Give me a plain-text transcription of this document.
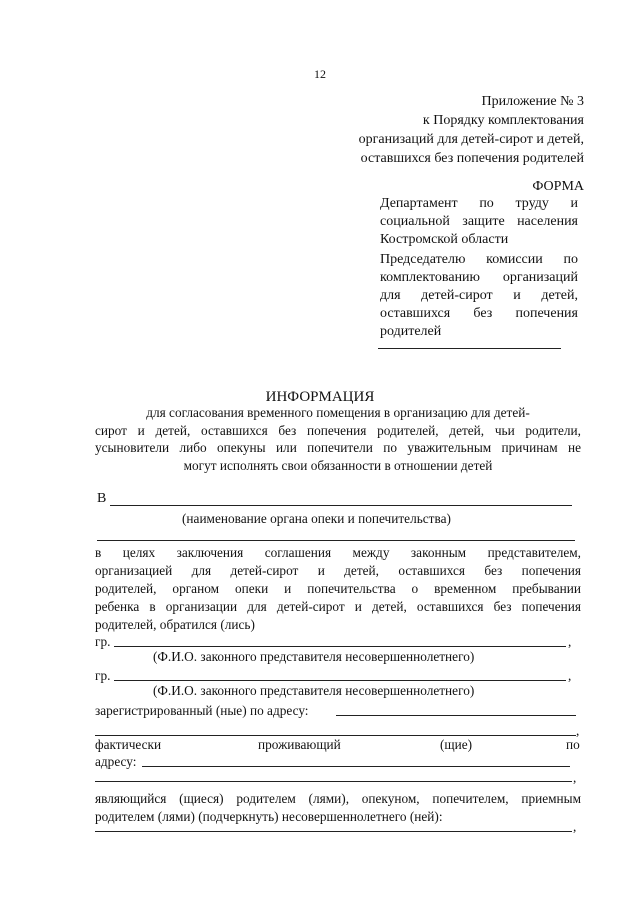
12
Приложение № 3
к Порядку комплектования
организаций для детей-сирот и детей,
оставшихся без попечения родителей
ФОРМА
Департамент по труду и
социальной защите населения
Костромской области
Председателю комиссии по
комплектованию организаций
для детей-сирот и детей,
оставшихся без попечения
родителей
ИНФОРМАЦИЯ
для согласования временного помещения в организацию для детей-
сирот и детей, оставшихся без попечения родителей, детей, чьи родители,
усыновители либо опекуны или попечители по уважительным причинам не
могут исполнять свои обязанности в отношении детей
В
(наименование органа опеки и попечительства)
в целях заключения соглашения между законным представителем,
организацией для детей-сирот и детей, оставшихся без попечения
родителей, органом опеки и попечительства о временном пребывании
ребенка в организации для детей-сирот и детей, оставшихся без попечения
родителей, обратился (лись)
гр.	,
(Ф.И.О. законного представителя несовершеннолетнего)
гр.	,
(Ф.И.О. законного представителя несовершеннолетнего)
зарегистрированный (ные) по адресу:
,
фактически	проживающий	(щие)	по
адресу:
,
являющийся (щиеся) родителем (лями), опекуном, попечителем, приемным
родителем (лями) (подчеркнуть) несовершеннолетнего (ней):
,
